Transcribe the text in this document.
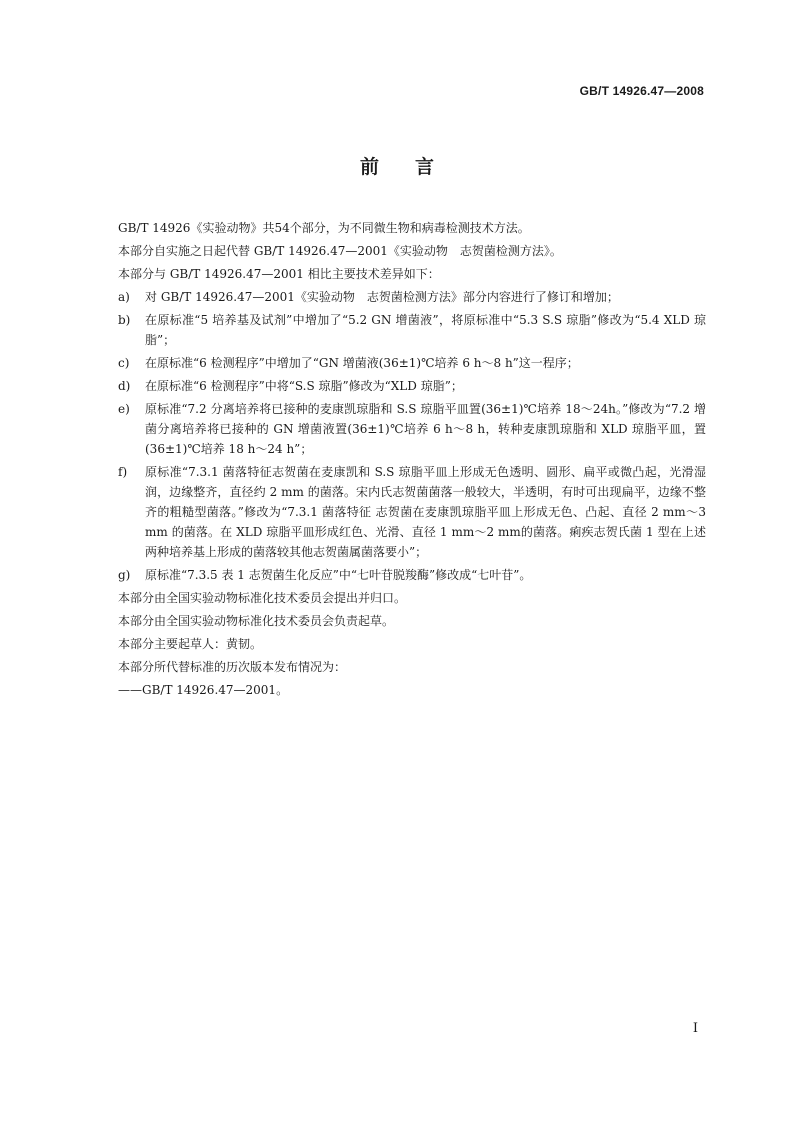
GB/T 14926.47—2008
前言

GB/T 14926《实验动物》共54个部分，为不同微生物和病毒检测技术方法。

本部分自实施之日起代替 GB/T 14926.47—2001《实验动物　志贺菌检测方法》。

本部分与 GB/T 14926.47—2001 相比主要技术差异如下：

a)	对 GB/T 14926.47—2001《实验动物　志贺菌检测方法》部分内容进行了修订和增加；
b)	在原标准“5 培养基及试剂”中增加了“5.2 GN 增菌液”，将原标准中“5.3 S.S 琼脂”修改为“5.4 XLD 琼脂”；
c)	在原标准“6 检测程序”中增加了“GN 增菌液(36±1)℃培养 6 h～8 h”这一程序；
d)	在原标准“6 检测程序”中将“S.S 琼脂”修改为“XLD 琼脂”；
e)	原标准“7.2 分离培养将已接种的麦康凯琼脂和 S.S 琼脂平皿置(36±1)℃培养 18～24h。”修改为“7.2 增菌分离培养将已接种的 GN 增菌液置(36±1)℃培养 6 h～8 h，转种麦康凯琼脂和 XLD 琼脂平皿，置(36±1)℃培养 18 h～24 h”；
f)	原标准“7.3.1 菌落特征志贺菌在麦康凯和 S.S 琼脂平皿上形成无色透明、圆形、扁平或微凸起，光滑湿润，边缘整齐，直径约 2 mm 的菌落。宋内氏志贺菌菌落一般较大，半透明，有时可出现扁平，边缘不整齐的粗糙型菌落。”修改为“7.3.1 菌落特征 志贺菌在麦康凯琼脂平皿上形成无色、凸起、直径 2 mm～3 mm 的菌落。在 XLD 琼脂平皿形成红色、光滑、直径 1 mm～2 mm的菌落。痢疾志贺氏菌 1 型在上述两种培养基上形成的菌落较其他志贺菌属菌落要小”；
g)	原标准“7.3.5 表 1 志贺菌生化反应”中“七叶苷脱羧酶”修改成“七叶苷”。

本部分由全国实验动物标准化技术委员会提出并归口。

本部分由全国实验动物标准化技术委员会负责起草。

本部分主要起草人：黄韧。

本部分所代替标准的历次版本发布情况为：

——GB/T 14926.47—2001。

I
